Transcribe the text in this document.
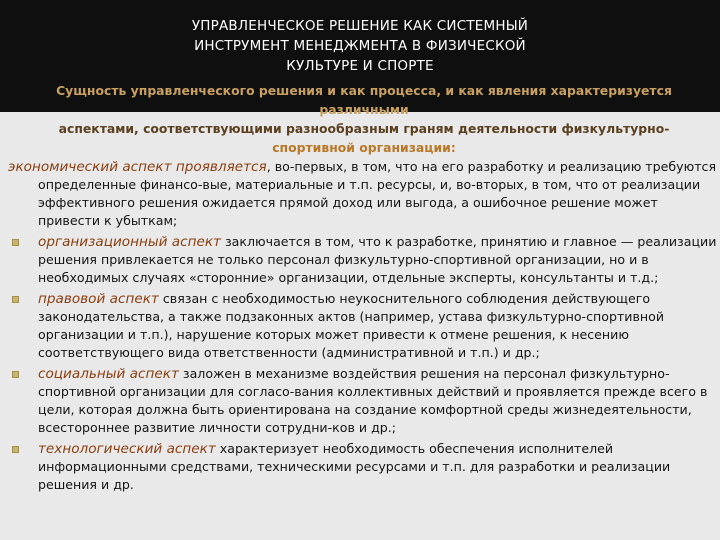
УПРАВЛЕНЧЕСКОЕ РЕШЕНИЕ КАК СИСТЕМНЫЙ
ИНСТРУМЕНТ МЕНЕДЖМЕНТА В ФИЗИЧЕСКОЙ
КУЛЬТУРЕ И СПОРТЕ
Сущность управленческого решения и как процесса, и как явления характеризуется различными
аспектами, соответствующими разнообразным граням деятельности физкультурно-
спортивной организации:
экономический аспект проявляется, во-первых, в том, что на его разработку и реализацию требуются определенные финансо-вые, материальные и т.п. ресурсы, и, во-вторых, в том, что от реализации эффективного решения ожидается прямой доход или выгода, а ошибочное решение может привести к убыткам;
организационный аспект заключается в том, что к разработке, принятию и главное — реализации решения привлекается не только персонал физкультурно-спортивной организации, но и в необходимых случаях «сторонние» организации, отдельные эксперты, консультанты и т.д.;
правовой аспект связан с необходимостью неукоснительного соблюдения действующего законодательства, а также подзаконных актов (например, устава физкультурно-спортивной организации и т.п.), нарушение которых может привести к отмене решения, к несению соответствующего вида ответственности (административной и т.п.) и др.;
социальный аспект заложен в механизме воздействия решения на персонал физкультурно-спортивной организации для согласо-вания коллективных действий и проявляется прежде всего в цели, которая должна быть ориентирована на создание комфортной среды жизнедеятельности, всестороннее развитие личности сотрудни-ков и др.;
технологический аспект характеризует необходимость обеспечения исполнителей информационными средствами, техническими ресурсами и т.п. для разработки и реализации решения и др.
